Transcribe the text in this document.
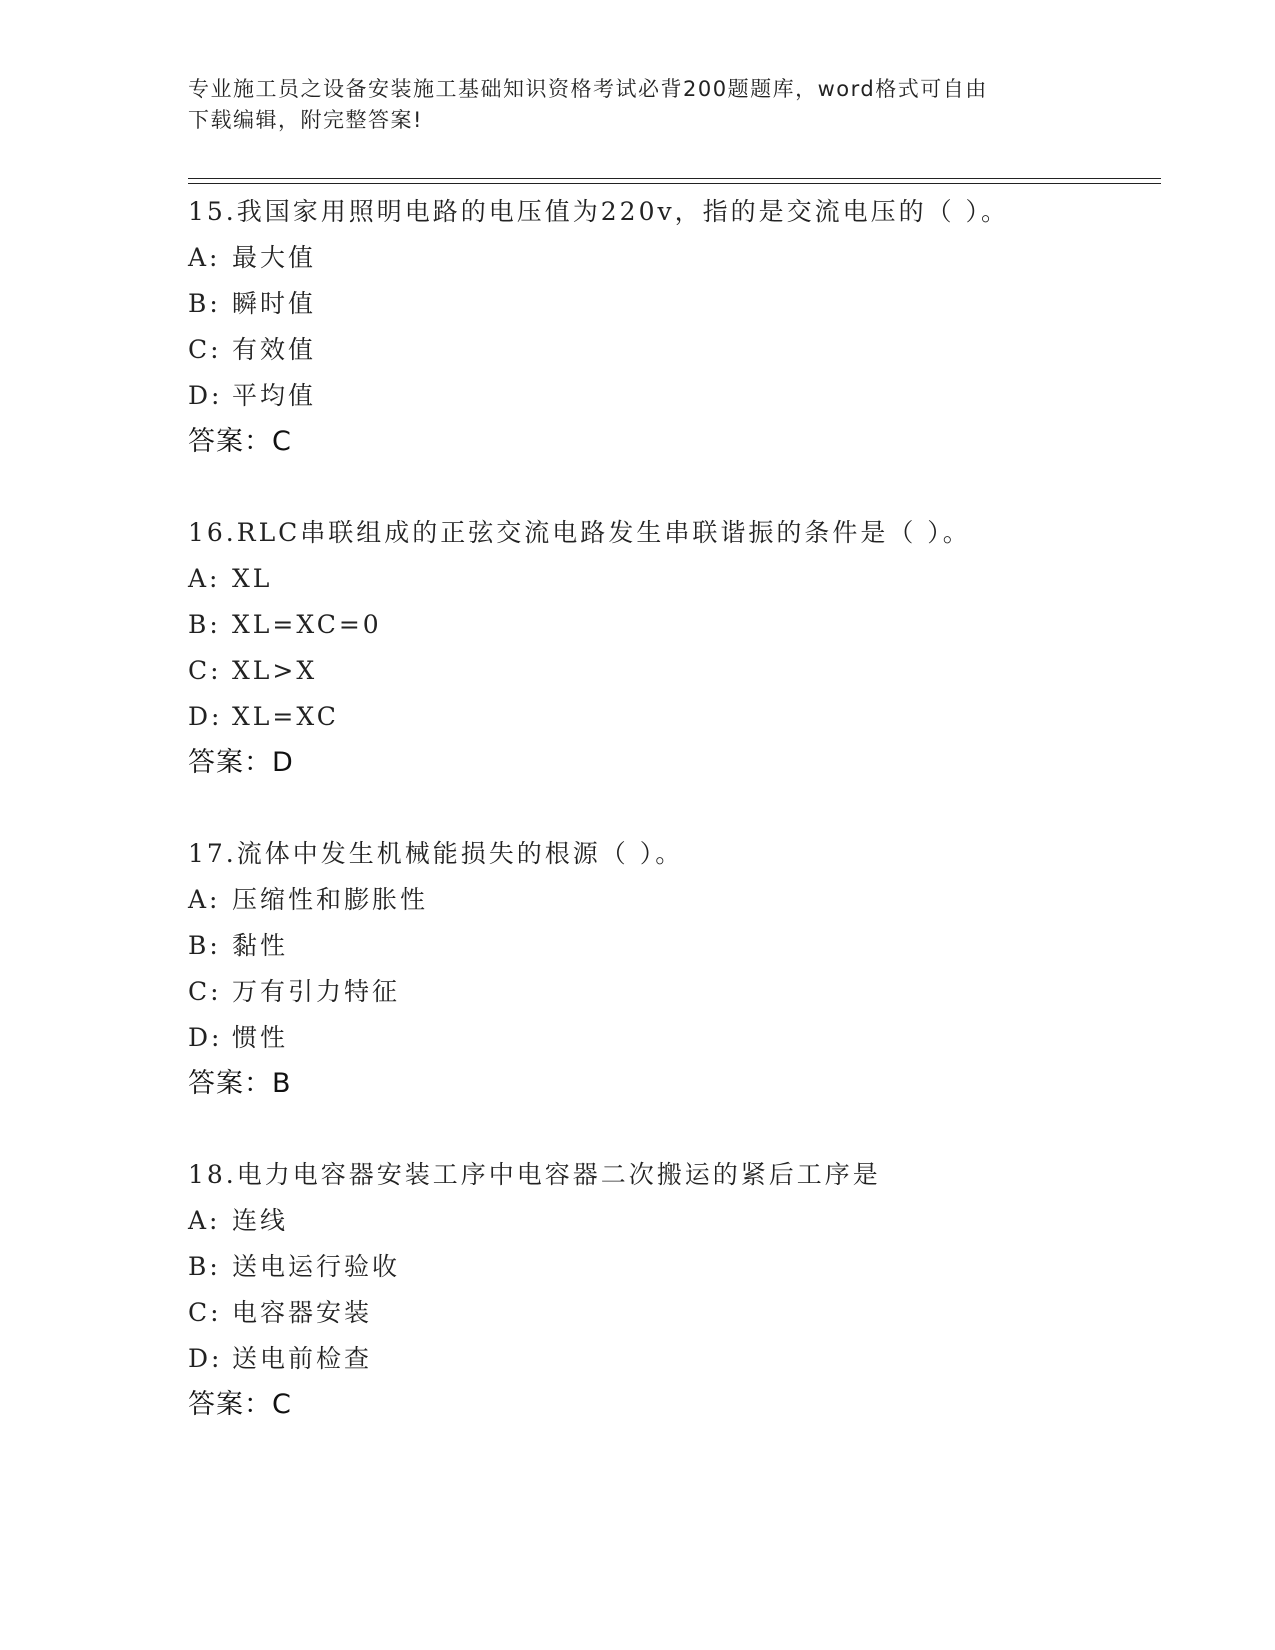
专业施工员之设备安装施工基础知识资格考试必背200题题库，word格式可自由
下载编辑，附完整答案!
15.我国家用照明电路的电压值为220v，指的是交流电压的（ ）。
A: 最大值
B: 瞬时值
C: 有效值
D: 平均值
答案：C
16.RLC串联组成的正弦交流电路发生串联谐振的条件是（ ）。
A: XL
B: XL=XC=0
C: XL>X
D: XL=XC
答案：D
17.流体中发生机械能损失的根源（ ）。
A: 压缩性和膨胀性
B: 黏性
C: 万有引力特征
D: 惯性
答案：B
18.电力电容器安装工序中电容器二次搬运的紧后工序是
A: 连线
B: 送电运行验收
C: 电容器安装
D: 送电前检查
答案：C
